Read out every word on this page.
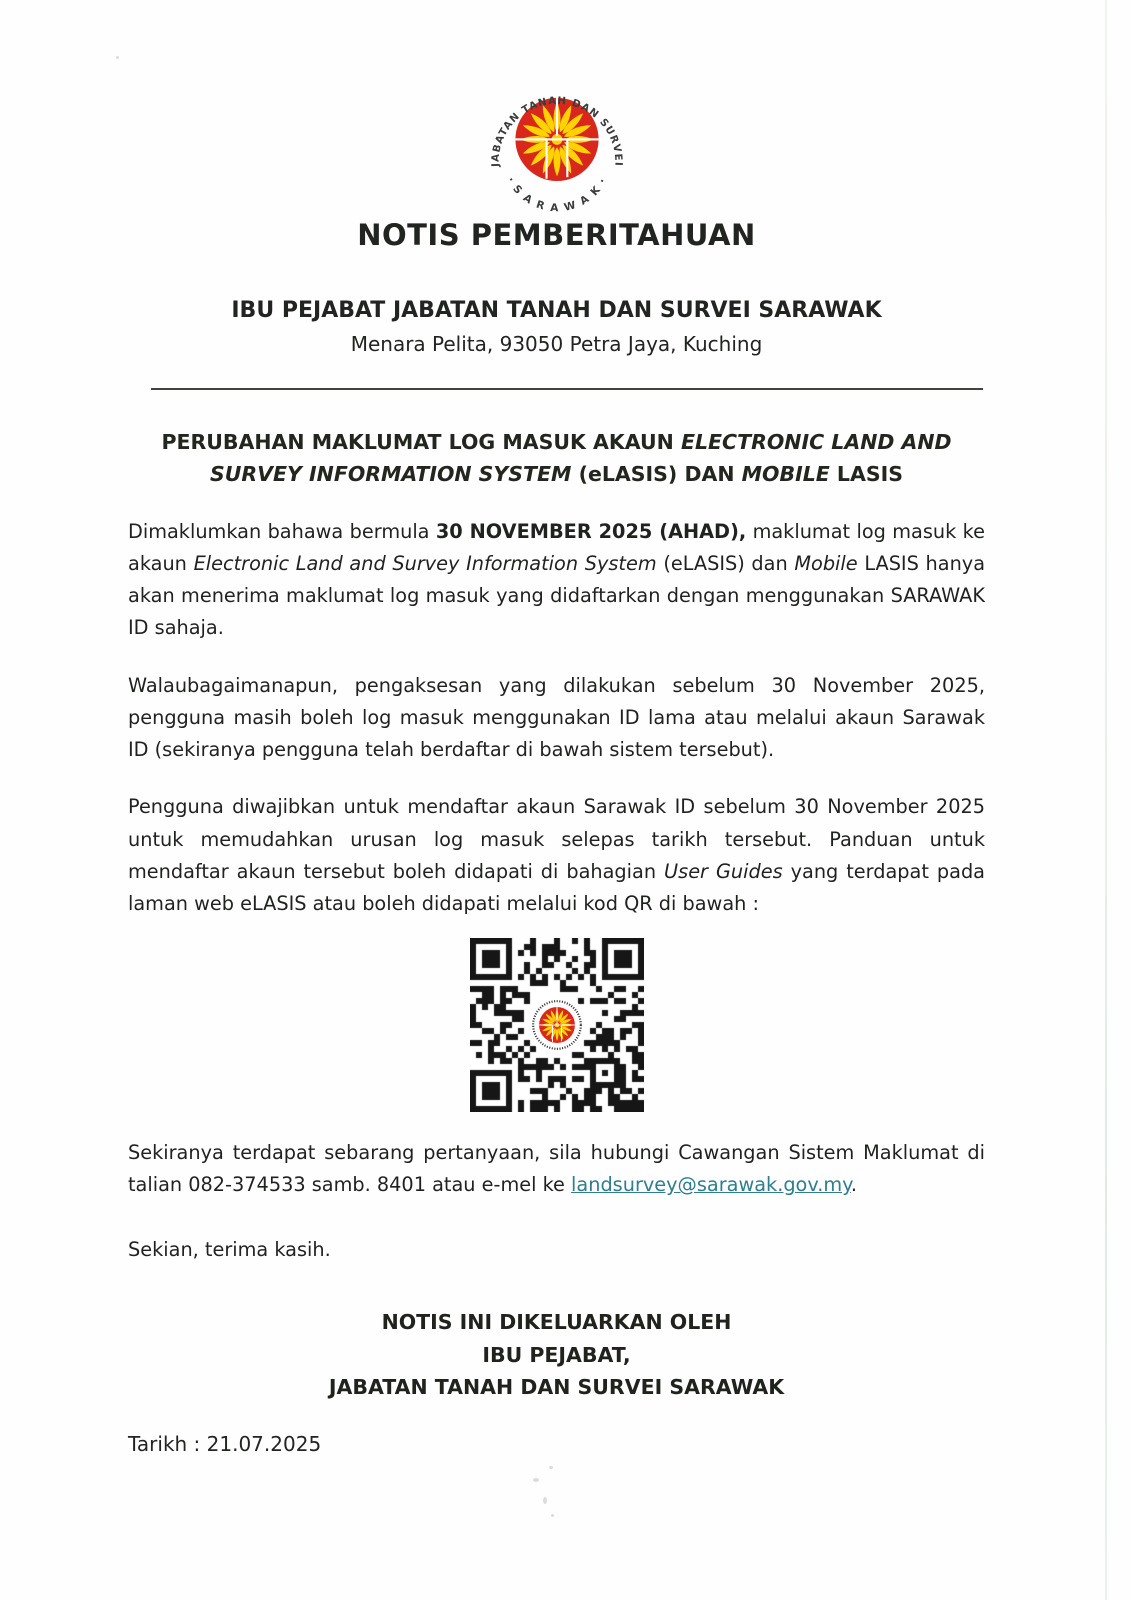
JABATAN TANAH DAN SURVEI
· S A R A W A K ·
NOTIS PEMBERITAHUAN
IBU PEJABAT JABATAN TANAH DAN SURVEI SARAWAK
Menara Pelita, 93050 Petra Jaya, Kuching
PERUBAHAN MAKLUMAT LOG MASUK AKAUN ELECTRONIC LAND AND SURVEY INFORMATION SYSTEM (eLASIS) DAN MOBILE LASIS

Dimaklumkan bahawa bermula 30 NOVEMBER 2025 (AHAD), maklumat log masuk ke akaun Electronic Land and Survey Information System (eLASIS) dan Mobile LASIS hanya akan menerima maklumat log masuk yang didaftarkan dengan menggunakan SARAWAK ID sahaja.

Walaubagaimanapun, pengaksesan yang dilakukan sebelum 30 November 2025, pengguna masih boleh log masuk menggunakan ID lama atau melalui akaun Sarawak ID (sekiranya pengguna telah berdaftar di bawah sistem tersebut).

Pengguna diwajibkan untuk mendaftar akaun Sarawak ID sebelum 30 November 2025 untuk memudahkan urusan log masuk selepas tarikh tersebut. Panduan untuk mendaftar akaun tersebut boleh didapati di bahagian User Guides yang terdapat pada laman web eLASIS atau boleh didapati melalui kod QR di bawah :

Sekiranya terdapat sebarang pertanyaan, sila hubungi Cawangan Sistem Maklumat di talian 082-374533 samb. 8401 atau e-mel ke landsurvey@sarawak.gov.my.

Sekian, terima kasih.

NOTIS INI DIKELUARKAN OLEH
IBU PEJABAT,
JABATAN TANAH DAN SURVEI SARAWAK

Tarikh : 21.07.2025
